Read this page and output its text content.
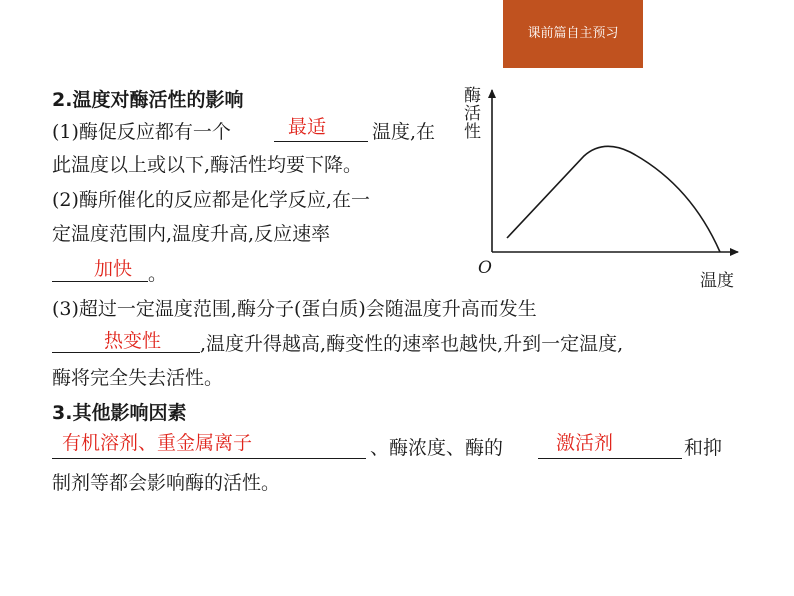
课前篇自主预习
2.温度对酶活性的影响
(1)酶促反应都有一个	最适 温度,在
此温度以上或以下,酶活性均要下降。
(2)酶所催化的反应都是化学反应,在一
定温度范围内,温度升高,反应速率
加快 。
(3)超过一定温度范围,酶分子(蛋白质)会随温度升高而发生
热变性 ,温度升得越高,酶变性的速率也越快,升到一定温度,
酶将完全失去活性。
3.其他影响因素
有机溶剂、重金属离子	、酶浓度、酶的	激活剂	和抑
制剂等都会影响酶的活性。
酶活性
温度
O
